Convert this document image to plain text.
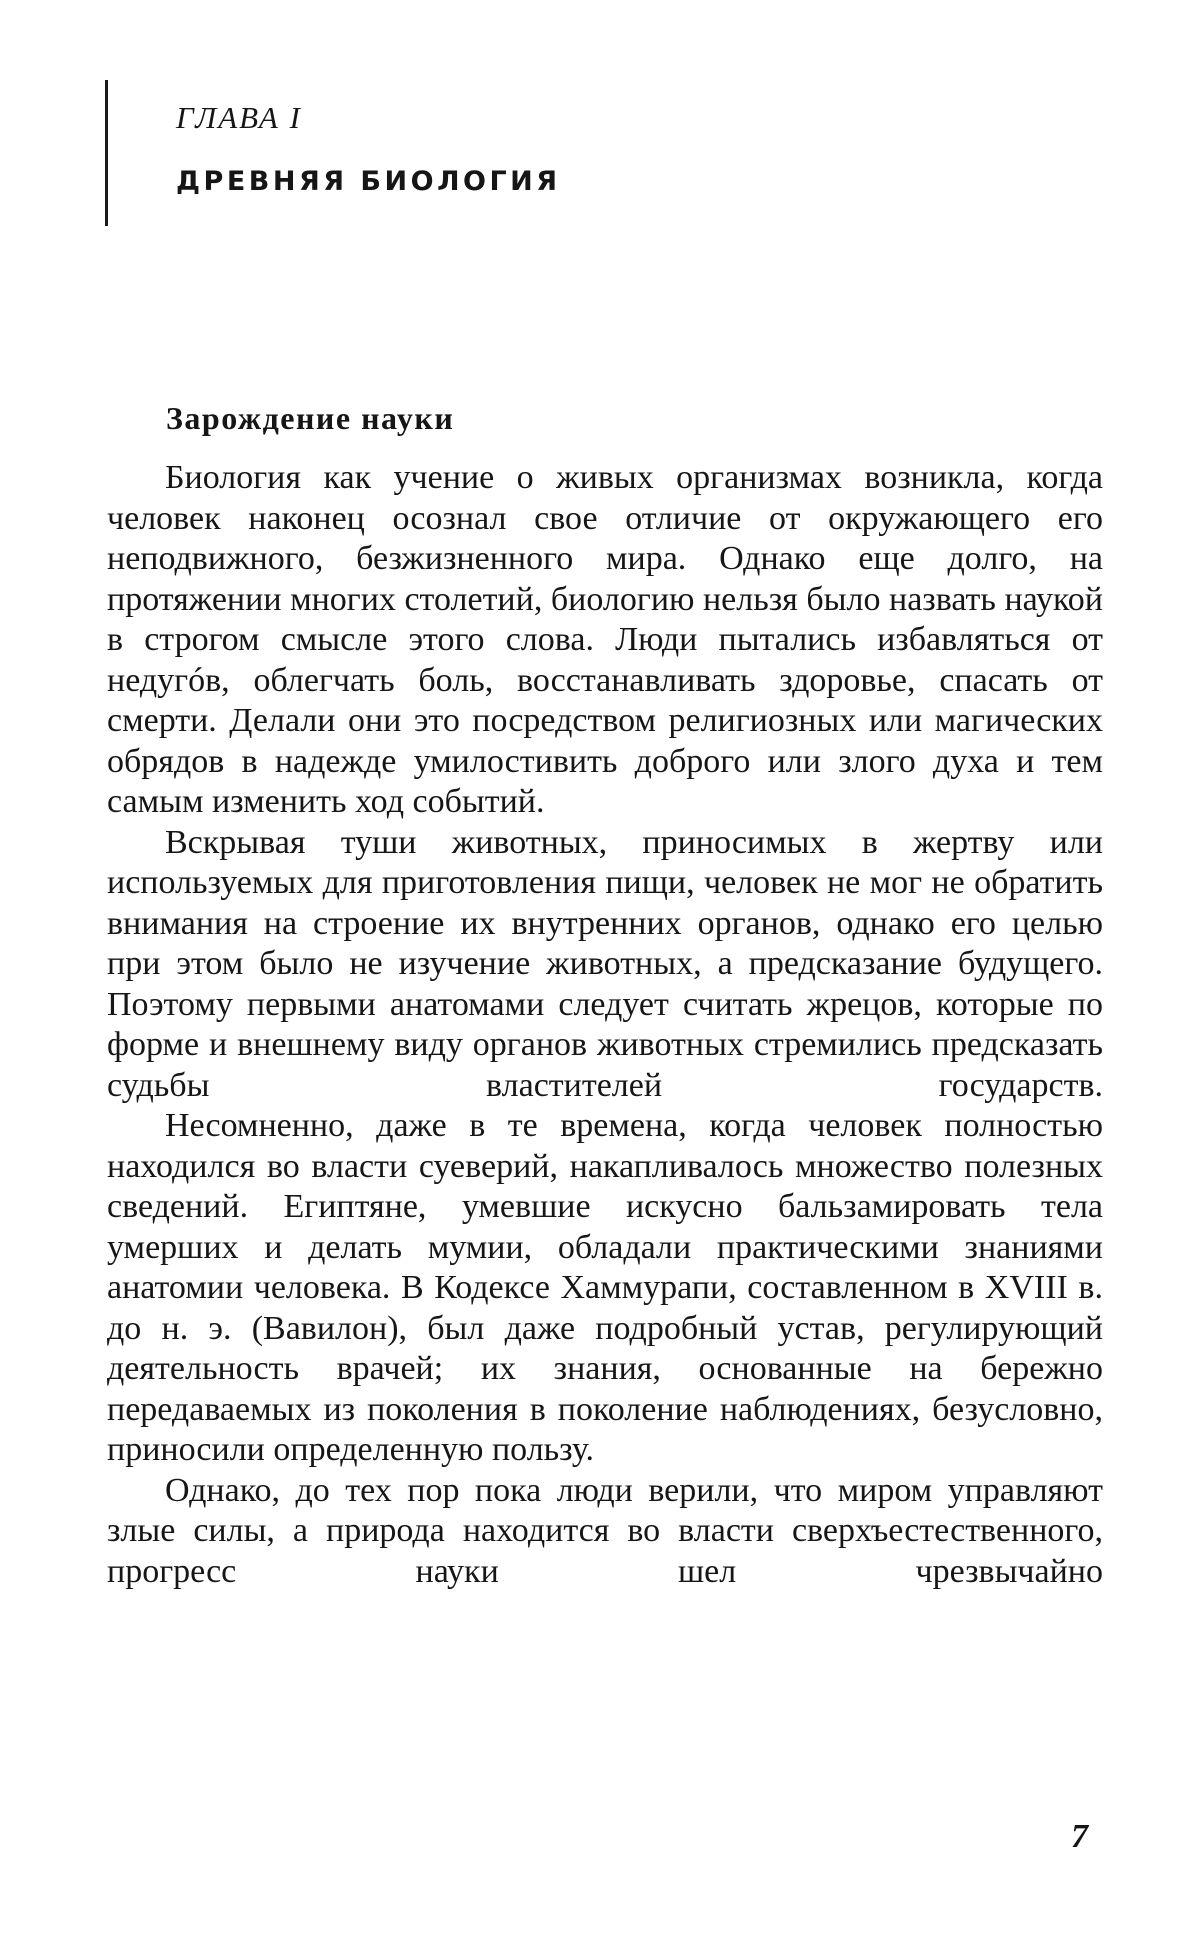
ГЛАВА I
ДРЕВНЯЯ БИОЛОГИЯ
Зарождение науки

Биология как учение о живых организмах возникла, когда человек наконец осознал свое отличие от окружающего его неподвижного, безжизненного мира. Однако еще долго, на протяжении многих столетий, биологию нельзя было назвать наукой в строгом смысле этого слова. Люди пытались избавляться от недугóв, облегчать боль, восстанавливать здоровье, спасать от смерти. Делали они это посредством религиозных или магических обрядов в надежде умилостивить доброго или злого духа и тем самым изменить ход событий.

Вскрывая туши животных, приносимых в жертву или используемых для приготовления пищи, человек не мог не обратить внимания на строение их внутренних органов, однако его целью при этом было не изучение животных, а предсказание будущего. Поэтому первыми анатомами следует считать жрецов, которые по форме и внешнему виду органов животных стремились предсказать судьбы властителей государств.

Несомненно, даже в те времена, когда человек полностью находился во власти суеверий, накапливалось множество полезных сведений. Египтяне, умевшие искусно бальзамировать тела умерших и делать мумии, обладали практическими знаниями анатомии человека. В Кодексе Хаммурапи, составленном в XVIII в. до н. э. (Вавилон), был даже подробный устав, регулирующий деятельность врачей; их знания, основанные на бережно передаваемых из поколения в поколение наблюдениях, безусловно, приносили определенную пользу.

Однако, до тех пор пока люди верили, что миром управляют злые силы, а природа находится во власти сверхъестественного, прогресс науки шел чрезвычайно

7
